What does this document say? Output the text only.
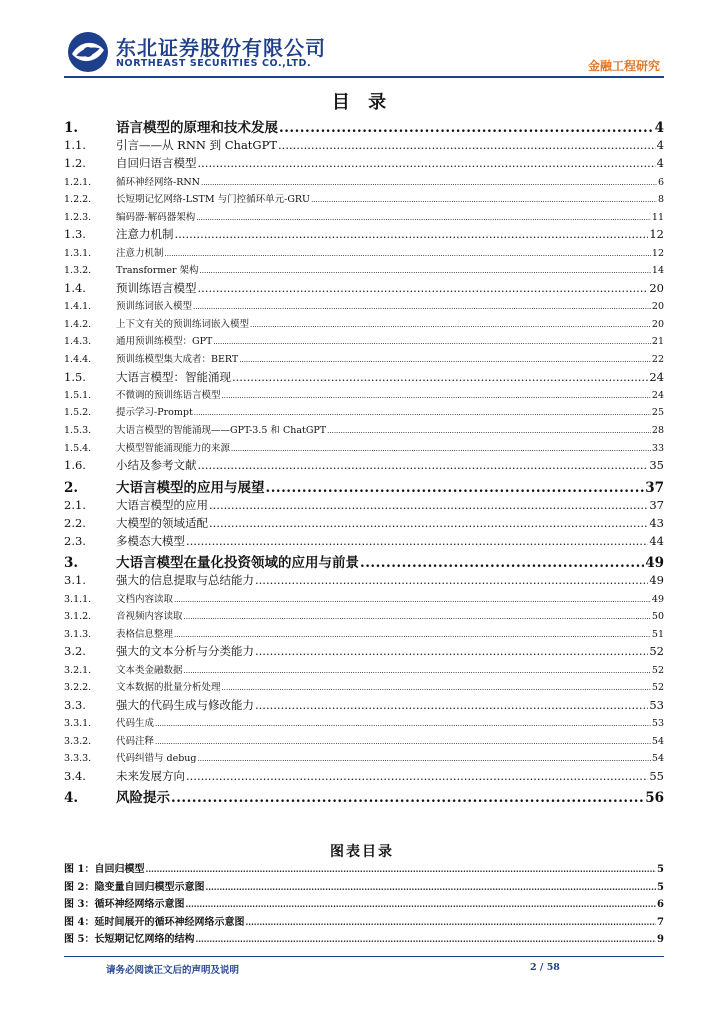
东北证券股份有限公司
NORTHEAST SECURITIES CO.,LTD.	金融工程研究
目 录
1.	语言模型的原理和技术发展 .....	4
1.1.	引言——从 RNN 到 ChatGPT .....	4
1.2.	自回归语言模型 .....	4
1.2.1.	循环神经网络-RNN .....	6
1.2.2.	长短期记忆网络-LSTM 与门控循环单元-GRU .....	8
1.2.3.	编码器-解码器架构 .....	11
1.3.	注意力机制 .....	12
1.3.1.	注意力机制 .....	12
1.3.2.	Transformer 架构 .....	14
1.4.	预训练语言模型 .....	20
1.4.1.	预训练词嵌入模型 .....	20
1.4.2.	上下文有关的预训练词嵌入模型 .....	20
1.4.3.	通用预训练模型：GPT .....	21
1.4.4.	预训练模型集大成者：BERT .....	22
1.5.	大语言模型：智能涌现 .....	24
1.5.1.	不微调的预训练语言模型 .....	24
1.5.2.	提示学习-Prompt .....	25
1.5.3.	大语言模型的智能涌现——GPT-3.5 和 ChatGPT .....	28
1.5.4.	大模型智能涌现能力的来源 .....	33
1.6.	小结及参考文献 .....	35
2.	大语言模型的应用与展望 .....	37
2.1.	大语言模型的应用 .....	37
2.2.	大模型的领域适配 .....	43
2.3.	多模态大模型 .....	44
3.	大语言模型在量化投资领域的应用与前景 .....	49
3.1.	强大的信息提取与总结能力 .....	49
3.1.1.	文档内容读取 .....	49
3.1.2.	音视频内容读取 .....	50
3.1.3.	表格信息整理 .....	51
3.2.	强大的文本分析与分类能力 .....	52
3.2.1.	文本类金融数据 .....	52
3.2.2.	文本数据的批量分析处理 .....	52
3.3.	强大的代码生成与修改能力 .....	53
3.3.1.	代码生成 .....	53
3.3.2.	代码注释 .....	54
3.3.3.	代码纠错与 debug .....	54
3.4.	未来发展方向 .....	55
4.	风险提示 .....	56
图表目录
图 1：自回归模型 .....	5
图 2：隐变量自回归模型示意图 .....	5
图 3：循环神经网络示意图 .....	6
图 4：延时间展开的循环神经网络示意图 .....	7
图 5：长短期记忆网络的结构 .....	9
请务必阅读正文后的声明及说明	2 / 58
